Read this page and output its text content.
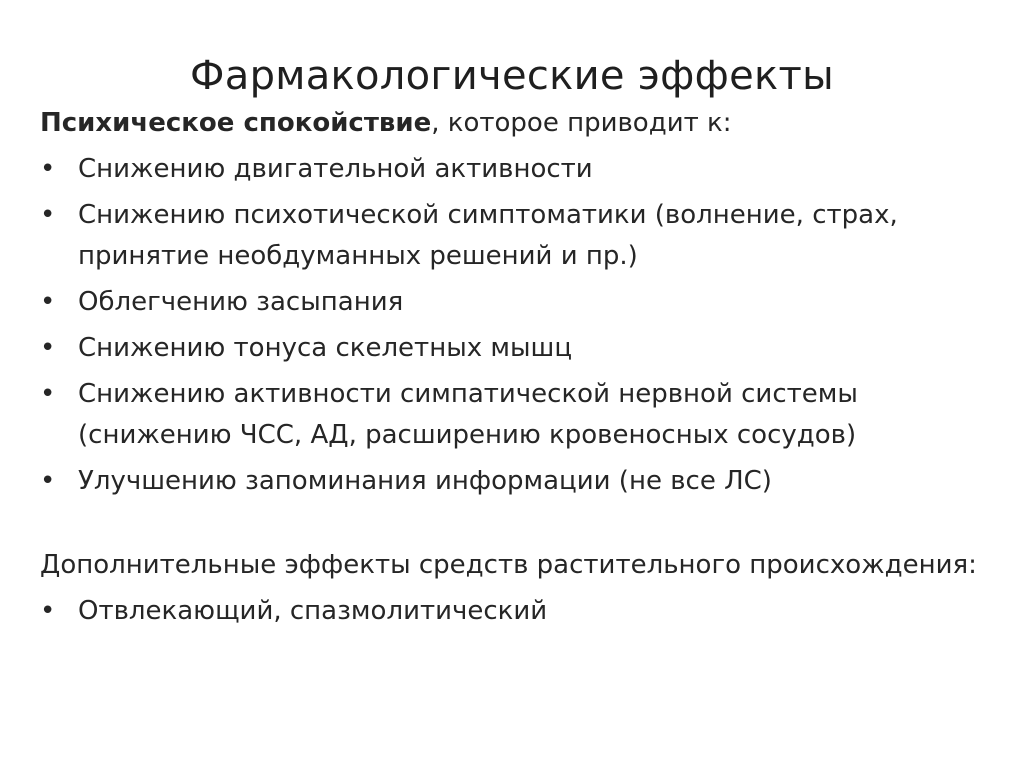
Фармакологические эффекты

Психическое спокойствие, которое приводит к:

• Снижению двигательной активности
• Снижению психотической симптоматики (волнение, страх, принятие необдуманных решений и пр.)
• Облегчению засыпания
• Снижению тонуса скелетных мышц
• Снижению активности симпатической нервной системы (снижению ЧСС, АД, расширению кровеносных сосудов)
• Улучшению запоминания информации (не все ЛС)

Дополнительные эффекты средств растительного происхождения:

• Отвлекающий, спазмолитический
